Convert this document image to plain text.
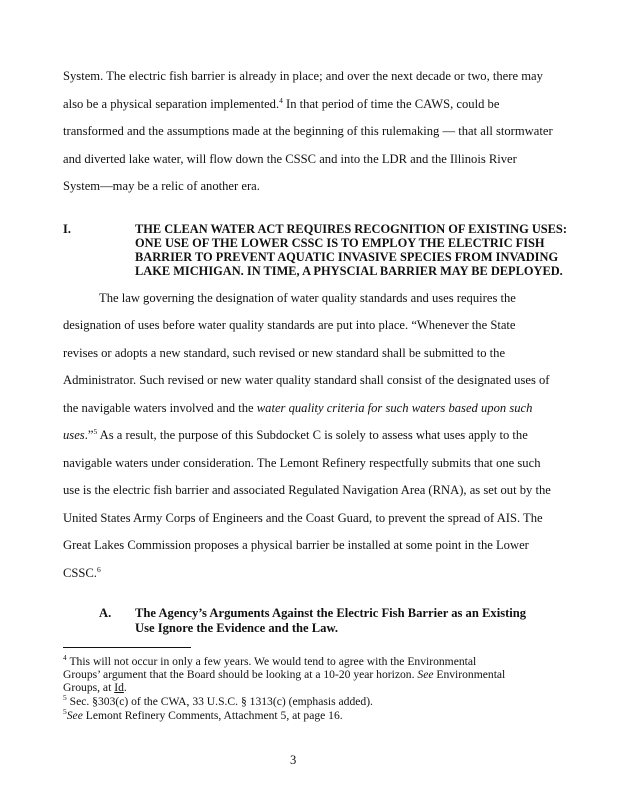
System. The electric fish barrier is already in place; and over the next decade or two, there may
also be a physical separation implemented.$^4$ In that period of time the CAWS, could be
transformed and the assumptions made at the beginning of this rulemaking — that all stormwater
and diverted lake water, will flow down the CSSC and into the LDR and the Illinois River
System—may be a relic of another era.
I.	THE CLEAN WATER ACT REQUIRES RECOGNITION OF EXISTING USES:
ONE USE OF THE LOWER CSSC IS TO EMPLOY THE ELECTRIC FISH
BARRIER TO PREVENT AQUATIC INVASIVE SPECIES FROM INVADING
LAKE MICHIGAN. IN TIME, A PHYSCIAL BARRIER MAY BE DEPLOYED.
The law governing the designation of water quality standards and uses requires the
designation of uses before water quality standards are put into place. “Whenever the State
revises or adopts a new standard, such revised or new standard shall be submitted to the
Administrator. Such revised or new water quality standard shall consist of the designated uses of
the navigable waters involved and the water quality criteria for such waters based upon such
uses.”$^5$ As a result, the purpose of this Subdocket C is solely to assess what uses apply to the
navigable waters under consideration. The Lemont Refinery respectfully submits that one such
use is the electric fish barrier and associated Regulated Navigation Area (RNA), as set out by the
United States Army Corps of Engineers and the Coast Guard, to prevent the spread of AIS. The
Great Lakes Commission proposes a physical barrier be installed at some point in the Lower
CSSC.$^6$
A. The Agency’s Arguments Against the Electric Fish Barrier as an Existing
Use Ignore the Evidence and the Law.
$^4$ This will not occur in only a few years. We would tend to agree with the Environmental
Groups’ argument that the Board should be looking at a 10-20 year horizon. See Environmental
Groups, at Id.
$^5$ Sec. §303(c) of the CWA, 33 U.S.C. § 1313(c) (emphasis added).
$^5$See Lemont Refinery Comments, Attachment 5, at page 16.
3
